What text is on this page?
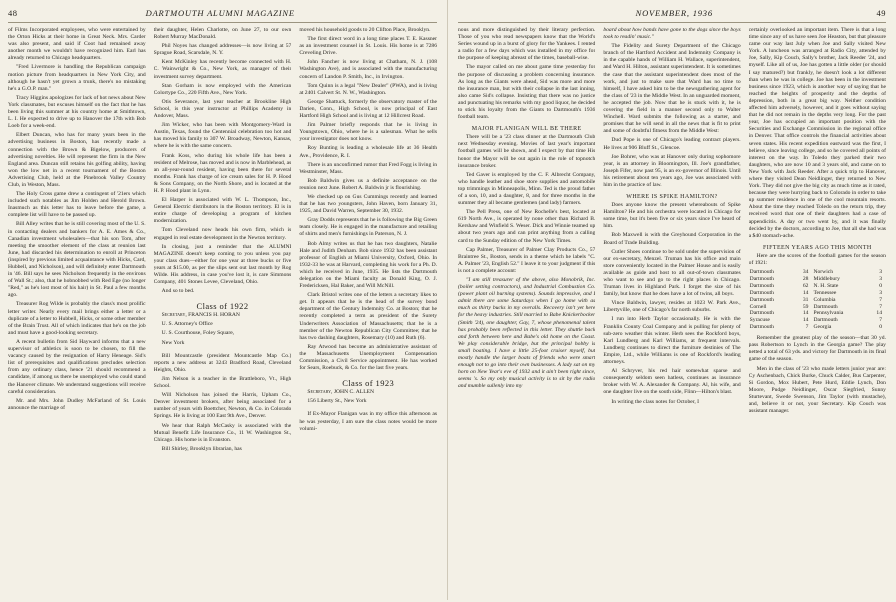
48	DARTMOUTH ALUMNI MAGAZINE

of Films Incorporated employees, who were entertained by the Orton Hicks at their home in Great Neck. Mrs. Carder was also present, and said if Coot had remained away another month we wouldn't have recognized him. Earl has already returned to Chicago headquarters.

"Fred Livermore is handling the Republican campaign motion picture from headquarters in New York City, and although he hasn't yet grown a trunk, there's no mistaking he's a G.O.P. man."

Tracy Higgins apologizes for lack of hot news about New York classmates, but excuses himself on the fact that he has been living this summer at his country home at Smithtown, L. I. He expected to drive up to Hanover the 17th with Bob Loeb for a week-end.

Elbert Duncan, who has for many years been in the advertising business in Boston, has recently made a connection with the Brown & Bigelow, producers of advertising novelties. He will represent the firm in the New England area. Duncan still retains his golfing ability, having won the low net in a recent tournament of the Boston Advertising Club, held at the Pinebrook Valley Country Club, in Weston, Mass.

The Holy Cross game drew a contingent of '21ers which included such notables as Jim Holden and Herold Brown. Inasmuch as this letter has to leave before the game, a complete list will have to be passed up.

Bill Alley writes that he is still covering most of the U. S. in contacting dealers and bankers for A. E. Ames & Co., Canadian investment wholesalers—that his son Tom, after meeting the smoother element of the class at reunion last June, had discarded his determination to enroll at Princeton (inspired by previous limited acquaintance with Hicks, Card, Hubbell, and Nicholson), and will definitely enter Dartmouth in '46. Bill says he sees Nicholson frequently in the environs of Wall St.; also, that he hobnobbed with Red Ege (no longer "Red," as he's lost most of his hair) in St. Paul a few months ago.

Treasurer Rog Wilde is probably the class's most prolific letter writer. Nearly every mail brings either a letter or a duplicate of a letter to Hubbell, Hicks, or some other member of the Brain Trust. All of which indicates that he's on the job and must have a good-looking secretary.

A recent bulletin from Sid Hayward informs that a new supervisor of athletics is soon to be chosen, to fill the vacancy caused by the resignation of Harry Heneage. Sid's list of prerequisites and qualifications precludes selection from any ordinary class, hence '21 should recommend a candidate, if among us there be unemployed who could stand the Hanover climate. We understand suggestions will receive careful consideration.

Mr. and Mrs. John Dudley McFarland of St. Louis announce the marriage of

their daughter, Helen Charlotte, on June 27, to our own Robert Murray MacDonald.

Phil Noyes has changed addresses—is now living at 57 Sprague Road, Scarsdale, N. Y.

Kent McKinley has recently become connected with H. C. Wainwright & Co., New York, as manager of their investment survey department.

Stan Gorham is now employed with the American Colortype Co., 220 Fifth Ave., New York.

Otis Severance, last year teacher at Brookline High School, is this year instructor at Phillips Academy in Andover, Mass.

Jim Wicker, who has been with Montgomery-Ward in Austin, Texas, found the Centennial celebration too hot and has moved his family to 307 W. Broadway, Newton, Kansas, where he is with the same concern.

Frank Koss, who during his whole life has been a resident of Melrose, has moved and is now in Marblehead, as an all-year-round resident, having been there for several months. Frank has charge of ice cream sales for H. P. Hood & Sons Company, on the North Shore, and is located at the H. P. Hood plant in Lynn.

El Harper is associated with W. L. Thompson, Inc., General Electric distributors in the Boston territory. El is in entire charge of developing a program of kitchen modernization.

Tom Cleveland now heads his own firm, which is engaged in real estate development in the Newton territory.

In closing, just a reminder that the ALUMNI MAGAZINE doesn't keep coming to you unless you pay your class dues—either for one year at three bucks or five years at $15.00, as per the slips sent out last month by Rog Wilde. His address, in case you've lost it, is care Simmons Company, 401 Stones Levee, Cleveland, Ohio.

And so to bed.

Class of 1922

Secretary, FRANCIS H. HORAN

U. S. Attorney's Office

U. S. Courthouse, Foley Square,

New York

Bill Mountcastle (president Mountcastle Map Co.) reports a new address at 3243 Bradford Road, Cleveland Heights, Ohio.

Jim Nelson is a teacher in the Brattleboro, Vt., High School.

Will Nicholson has joined the Harris, Upham Co., Denver investment brokers, after being associated for a number of years with Boettcher, Newton, & Co. in Colorado Springs. He is living at 100 East 9th Ave., Denver.

We hear that Ralph McCasky is associated with the Mutual Benefit Life Insurance Co., 11 W. Washington St., Chicago. His home is in Evanston.

Bill Shirley, Brooklyn librarian, has

moved his household goods to 20 Clifton Place, Brooklyn.

The first direct word in a long time places T. E. Kassner as an investment counsel in St. Louis. His home is at 7286 Creveling Drive.

John Fancher is now living at Chatham, N. J. (108 Washington Ave), and is associated with the manufacturing concern of Landon P. Smith, Inc., in Irvington.

Tom Quinn is a legal "New Dealer" (PWA), and is living at 2401 Calvert St. N. W., Washington.

George Shattuck, formerly the observatory master of the Darien, Conn., High School, is now principal of East Hartford High School and is living at 12 Hillcrest Road.

Jim Palmer briefly responds that he is living in Youngstown, Ohio, where he is a salesman. What he sells your investigator does not know.

Roy Bunting is leading a wholesale life at 36 Health Ave., Providence, R. I.

There is an unconfirmed rumor that Fred Fogg is living in Westminster, Mass.

Bob Baldwin gives us a definite acceptance on the reunion next June. Robert A. Baldwin jr is flourishing.

We checked up on Gus Cummings recently and learned that he has two youngsters, John Haven, born January 31, 1925, and David Warren, September 30, 1932.

Gray Dodds represents that he is following the Big Green team closely. He is engaged in the manufacture and retailing of shirts and men's furnishings in Paterson, N. J.

Bob Almy writes us that he has two daughters, Natalie Hale and Judith Denham. Bob since 1932 has been assistant professor of English at Miami University, Oxford, Ohio. In 1932-33 he was at Harvard, completing his work for a Ph. D. which he received in June, 1935. He lists the Dartmouth delegation on the Miami faculty as Donald King, O. J. Fredericksen, Hal Baker, and Will McNill.

Clark Bristol writes one of the letters a secretary likes to get. It appears that he is the head of the survey bond department of the Century Indemnity Co. at Boston; that he recently completed a term as president of the Surety Underwriters Association of Massachusetts; that he is a member of the Newton Republican City Committee; that he has two dashing daughters, Rosemary (10) and Ruth (6).

Ray Atwood has become an administrative assistant of the Massachusetts Unemployment Compensation Commission, a Civil Service appointment. He has worked for Sears, Roebuck, & Co. for the last five years.

Class of 1923

Secretary, JOHN C. ALLEN

156 Liberty St., New York

If Ex-Mayor Flanigan was in my office this afternoon as he was yesterday, I am sure the class notes would be more volumi-

NOVEMBER, 1936	49

nous and more distinguished by their literary perfection. Those of you who read newspapers know that the World's Series wound up in a burst of glory for the Yankees. I rented a radio for a few days which was installed in my office for the purpose of keeping abreast of the times, baseball-wise.

The mayor called on me about game time yesterday for the purpose of discussing a problem concerning insurance. As long as the Giants were ahead, Sid was more and more the insurance man, but with their collapse in the last inning, also came Sid's collapse. Insisting that there was no justice and punctuating his remarks with my good liquor, he decided to stick his loyalty from the Giants to Dartmouth's 1936 football team.

MAJOR FLANIGAN WILL BE THERE

There will be a '23 class dinner at the Dartmouth Club next Wednesday evening. Movies of last year's important football games will be shown, and I expect by that time His honor the Mayor will be out again in the role of topnotch insurance broker.

Ted Gaver is employed by the C. F. Albrecht Company, who handle leather and shoe store supplies and automobile top trimmings in Minneapolis, Minn. Ted is the proud father of a son, 10, and a daughter, 8, and for three months in the summer they all became gentlemen (and lady) farmers.

The Pell Press, one of New Rochelle's best, located at 619 North Ave., is operated by none other than Richard B. Kershaw and Winfield S. Weser. Dick and Winnie teamed up about two years ago and can print anything from a calling card to the Sunday edition of the New York Times.

Cap Palmer, Treasurer of Palmer Clay Products Co., 57 Braintree St., Boston, sends in a theme which he labels "C. A. Palmer '23, English 52." I leave it to your judgment if this is not a complete account:

"I am still treasurer of the above, also Monobrik, Inc. (boiler setting contractors), and Industrial Combustion Co. (power plant oil burning systems). Sounds impressive, and I admit there are some Saturdays when I go home with as much as thirty bucks in my overalls. Recovery isn't yet here for the heavy industries. Still married to Babe Knickerbocker (Smith '24), one daughter, Gay, 7, whose phenomenal talent has probably been reflected in this letter. They shuttle back and forth between here and Babe's old home on the Coast. We play considerable bridge, but the principal hobby is small boating. I have a little 25-foot cruiser myself, but mostly handle the larger boats of friends who were smart enough not to go into their own businesses. A lady sat on my horn on New Year's eve of 1932 and it ain't been right since, seems 's. So my only musical activity is to sit by the radio and mumble sullenly into my

board about how bands have gone to the dogs since the boys took to readin' music."

The Fidelity and Surety Department of the Chicago branch of the Hartford Accident and Indemnity Company is in the capable hands of William H. Wallace, superintendent, and Ward H. Hilton, assistant superintendent. It is sometimes the case that the assistant superintendent does most of the work, and just to make sure that Ward has no time to himself, I have asked him to be the newsgathering agent for the class of '23 in the Middle West. In an unguarded moment, he accepted the job. Now that he is stuck with it, he is covering the field in a manner second only to Walter Winchell. Ward submits the following as a starter, and promises that he will send in all the news that is fit to print and some of doubtful fitness from the Middle West:

Dud Pope is one of Chicago's leading contract players. He lives at 906 Bluff St., Glencoe.

Joe Bohrer, who was at Hanover only during sophomore year, is an attorney in Bloomington, Ill. Joe's grandfather, Joseph Fifer, now past 95, is an ex-governor of Illinois. Until his retirement about ten years ago, Joe was associated with him in the practice of law.

WHERE IS SPIKE HAMILTON?

Does anyone know the present whereabouts of Spike Hamilton? He and his orchestra were located in Chicago for some time, but it's been five or six years since I've heard of him.

Bob Maxwell is with the Greyhound Corporation in the Board of Trade Building.

Cutler Shoes continue to be sold under the supervision of our ex-secretary, Menzel. Truman has his office and main store conveniently located in the Palmer House and is easily available as guide and host to all out-of-town classmates who want to see and go to the right places in Chicago. Truman lives in Highland Park. I forget the size of his family, but know that he does have a lot of twins, all boys.

Vince Baldwin, lawyer, resides at 1023 W. Park Ave., Libertyville, one of Chicago's far north suburbs.

I run into Herb Taylor occasionally. He is with the Franklin County Coal Company and is pulling for plenty of sub-zero weather this winter. Herb sees the Rockford boys, Karl Lundberg and Karl Williams, at frequent intervals. Lundberg continues to direct the furniture destinies of The Empire, Ltd., while Williams is one of Rockford's leading attorneys.

Al Schryver, his red hair somewhat sparse and consequently seldom seen hatless, continues as insurance broker with W. A. Alexander & Company. Al, his wife, and one daughter live on the south side, Flinn—Hilton's blast.

In writing the class notes for October, I

certainly overlooked an important item. There is that a long time since any of us have seen Joe Heaston, but that pleasure came our way last July when Joe and Sally visited New York. A luncheon was arranged at Radio City, attended by Joe, Sally, Kip Couch, Sally's brother, Jack Reeder '24, and myself. Like all of us, Joe has gotten a little older (or should I say matured?) but frankly, he doesn't look a lot different than when he was in college. Joe has been in the investment business since 1923, which is another way of saying that he reached the heights of prosperity and the depths of depression, both in a great big way. Neither condition affected him adversely, however, and it goes without saying that he did not remain in the depths very long. For the past year, Joe has occupied an important position with the Securities and Exchange Commission in the regional office in Denver. That office controls the financial activities about seven states. His recent expedition eastward was the first, I believe, since leaving college, and so he covered all points of interest on the way. In Toledo they parked their two daughters, who are now 10 and 3 years old, and came on to New York with Jack Reeder. After a quick trip to Hanover, where they visited Dean Neidlinger, they returned to New York. They did not give the big city as much time as it rated, because they were hurrying back to Colorado in order to take up summer residence in one of the cool mountain resorts. About the time they reached Toledo on the return trip, they received word that one of their daughters had a case of appendicitis. A day or two went by, and it was finally decided by the doctors, according to Joe, that all she had was a $40 stomach-ache.

FIFTEEN YEARS AGO THIS MONTH

Here are the scores of the football games for the season of 1921:

Dartmouth	34	Norwich	3
Dartmouth	28	Middlebury	3
Dartmouth	62	N. H. State	0
Dartmouth	14	Tennessee	3
Dartmouth	31	Columbia	7
Cornell	59	Dartmouth	7
Dartmouth	14	Pennsylvania	14
Syracuse	14	Dartmouth	7
Dartmouth	7	Georgia	0

Remember the greatest play of the season—that 30 yd. pass Robertson to Lynch in the Georgia game? The play netted a total of 63 yds. and victory for Dartmouth in its final game of the season.

Men in the class of '23 who made letters junior year are: Cy Aschenbach, Chick Burke, Chuck Calder, Bus Carpenter, Si Gordon, Mox Hubert, Pete Hurd, Eddie Lynch, Don Moore, Pudge Neidlinger, Oscar Siegfried, Sunny Sturtevant, Swede Swenson, Jim Taylor (with mustache), and, believe it or not, your Secretary. Kip Couch was assistant manager.
